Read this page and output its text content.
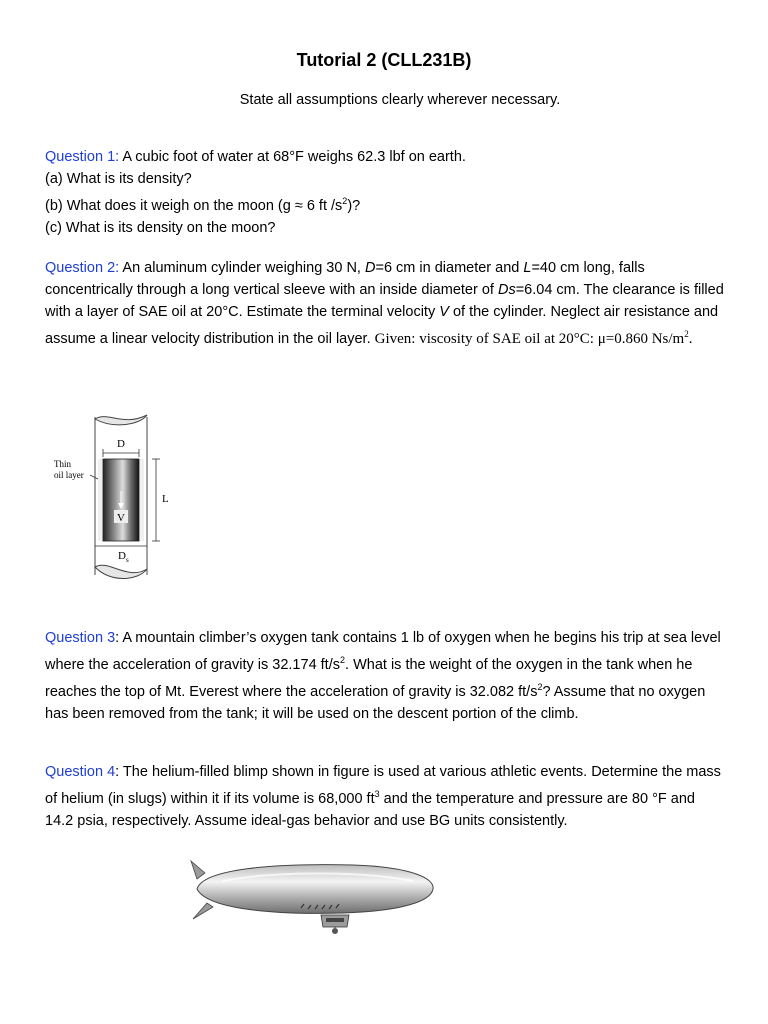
Tutorial 2 (CLL231B)
State all assumptions clearly wherever necessary.
Question 1: A cubic foot of water at 68°F weighs 62.3 lbf on earth.
(a) What is its density?
(b) What does it weigh on the moon (g ≈ 6 ft $/s^2$)?
(c) What is its density on the moon?
Question 2: An aluminum cylinder weighing 30 N, D=6 cm in diameter and L=40 cm long, falls concentrically through a long vertical sleeve with an inside diameter of Ds=6.04 cm. The clearance is filled with a layer of SAE oil at 20°C. Estimate the terminal velocity V of the cylinder. Neglect air resistance and assume a linear velocity distribution in the oil layer. Given: viscosity of SAE oil at 20°C: μ=0.860 $Ns/m^2$.
D
Thin
oil layer
V
L
D s
Question 3: A mountain climber’s oxygen tank contains 1 lb of oxygen when he begins his trip at sea level where the acceleration of gravity is 32.174 $ft/s^2$. What is the weight of the oxygen in the tank when he reaches the top of Mt. Everest where the acceleration of gravity is 32.082 $ft/s^2$? Assume that no oxygen has been removed from the tank; it will be used on the descent portion of the climb.
Question 4: The helium-filled blimp shown in figure is used at various athletic events. Determine the mass of helium (in slugs) within it if its volume is 68,000 $ft^3$ and the temperature and pressure are 80 °F and 14.2 psia, respectively. Assume ideal-gas behavior and use BG units consistently.
